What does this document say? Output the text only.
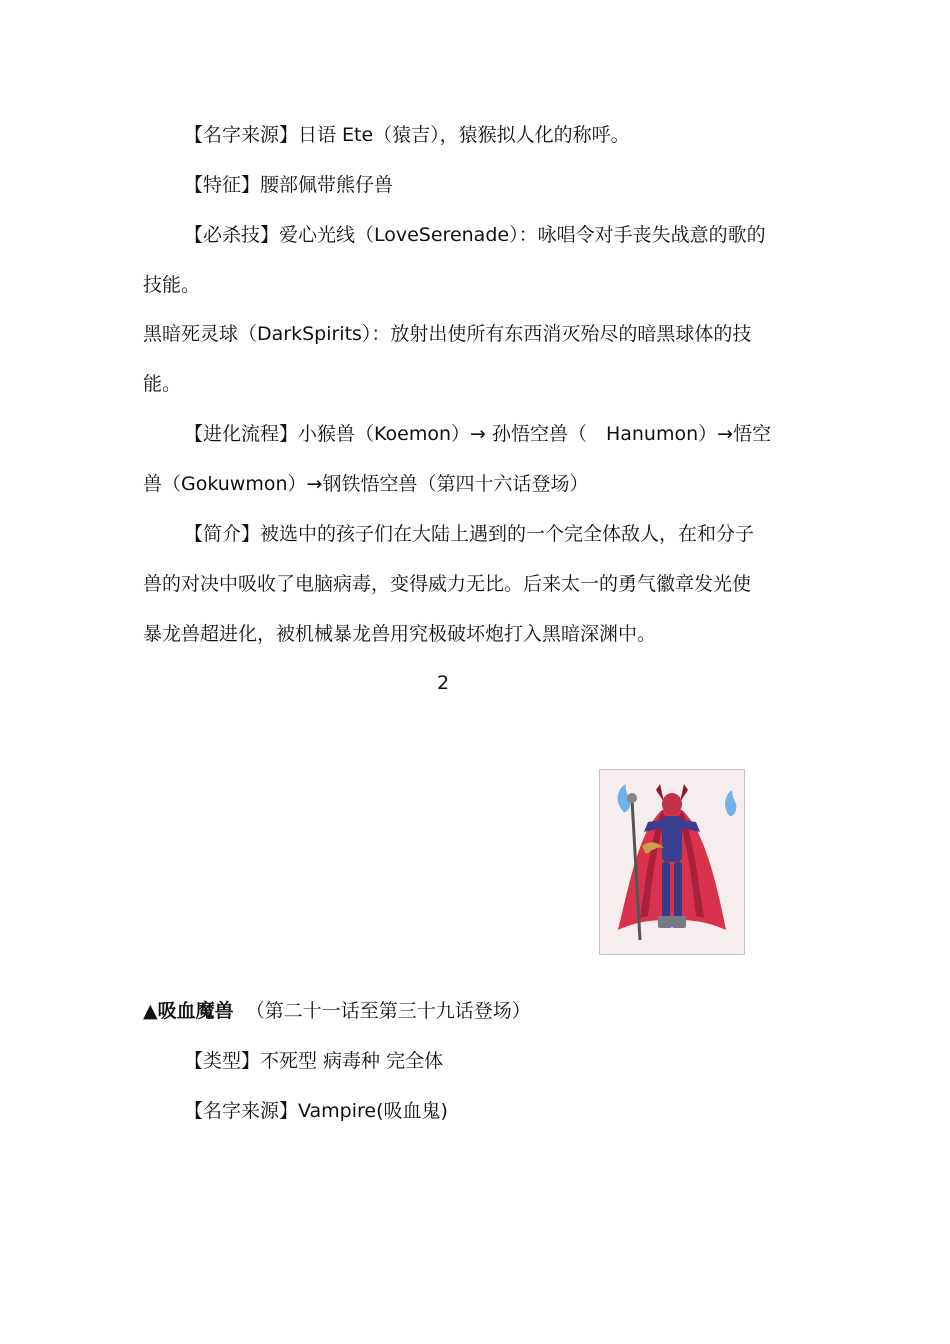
【名字来源】日语 Ete（猿吉），猿猴拟人化的称呼。
【特征】腰部佩带熊仔兽
【必杀技】爱心光线（LoveSerenade）：咏唱令对手丧失战意的歌的
技能。
黑暗死灵球（DarkSpirits）：放射出使所有东西消灭殆尽的暗黑球体的技
能。
【进化流程】小猴兽（Koemon）→ 孙悟空兽（　Hanumon）→悟空
兽（Gokuwmon）→钢铁悟空兽（第四十六话登场）
【简介】被选中的孩子们在大陆上遇到的一个完全体敌人，在和分子
兽的对决中吸收了电脑病毒，变得威力无比。后来太一的勇气徽章发光使
暴龙兽超进化，被机械暴龙兽用究极破坏炮打入黑暗深渊中。
2
▲吸血魔兽 （第二十一话至第三十九话登场）
【类型】不死型 病毒种 完全体
【名字来源】Vampire(吸血鬼)
